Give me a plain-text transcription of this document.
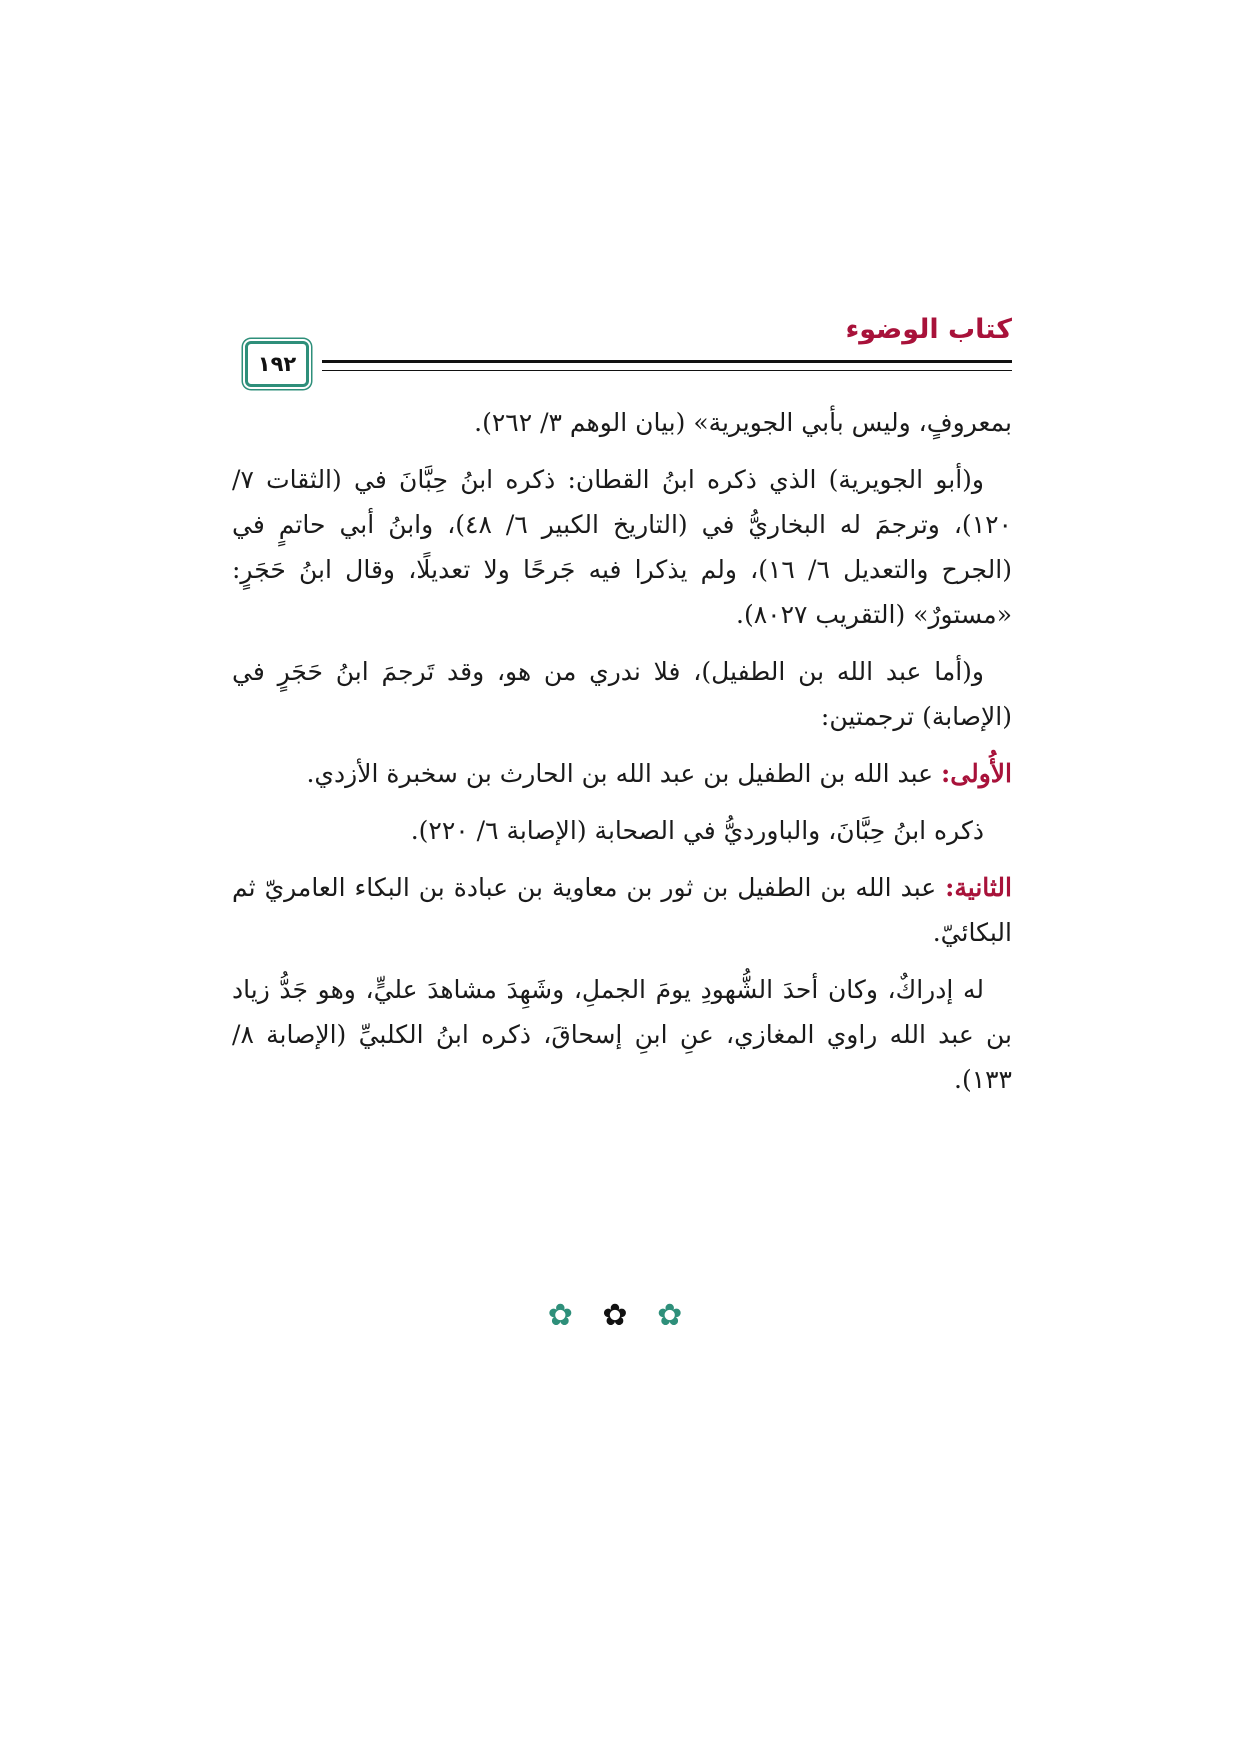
كتاب الوضوء
١٩٢

بمعروفٍ، وليس بأبي الجويرية» (بيان الوهم ٣/ ٢٦٢).

و(أبو الجويرية) الذي ذكره ابنُ القطان: ذكره ابنُ حِبَّانَ في (الثقات ٧/ ١٢٠)، وترجمَ له البخاريُّ في (التاريخ الكبير ٦/ ٤٨)، وابنُ أبي حاتمٍ في (الجرح والتعديل ٦/ ١٦)، ولم يذكرا فيه جَرحًا ولا تعديلًا، وقال ابنُ حَجَرٍ: «مستورٌ» (التقريب ٨٠٢٧).

و(أما عبد الله بن الطفيل)، فلا ندري من هو، وقد تَرجمَ ابنُ حَجَرٍ في (الإصابة) ترجمتين:

الأُولى: عبد الله بن الطفيل بن عبد الله بن الحارث بن سخبرة الأزدي.

ذكره ابنُ حِبَّانَ، والباورديُّ في الصحابة (الإصابة ٦/ ٢٢٠).

الثانية: عبد الله بن الطفيل بن ثور بن معاوية بن عبادة بن البكاء العامريّ ثم البكائيّ.

له إدراكٌ، وكان أحدَ الشُّهودِ يومَ الجملِ، وشَهِدَ مشاهدَ عليٍّ، وهو جَدُّ زياد بن عبد الله راوي المغازي، عنِ ابنِ إسحاقَ، ذكره ابنُ الكلبيِّ (الإصابة ٨/ ١٣٣).

✿ ✿ ✿
